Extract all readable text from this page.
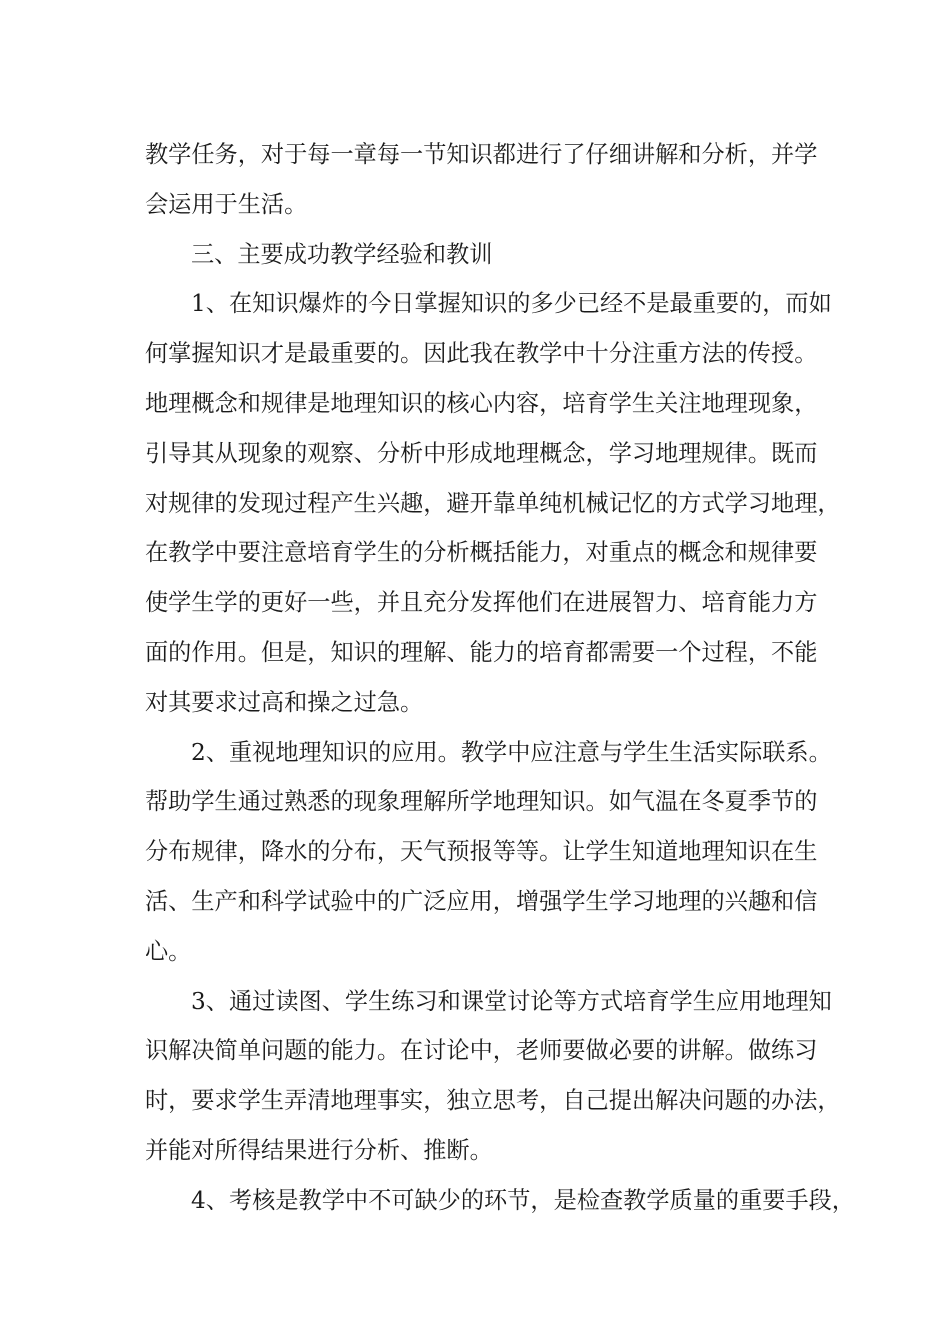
教学任务，对于每一章每一节知识都进行了仔细讲解和分析，并学
会运用于生活。
三、主要成功教学经验和教训
1、在知识爆炸的今日掌握知识的多少已经不是最重要的，而如
何掌握知识才是最重要的。因此我在教学中十分注重方法的传授。
地理概念和规律是地理知识的核心内容，培育学生关注地理现象，
引导其从现象的观察、分析中形成地理概念，学习地理规律。既而
对规律的发现过程产生兴趣，避开靠单纯机械记忆的方式学习地理，
在教学中要注意培育学生的分析概括能力，对重点的概念和规律要
使学生学的更好一些，并且充分发挥他们在进展智力、培育能力方
面的作用。但是，知识的理解、能力的培育都需要一个过程，不能
对其要求过高和操之过急。
2、重视地理知识的应用。教学中应注意与学生生活实际联系。
帮助学生通过熟悉的现象理解所学地理知识。如气温在冬夏季节的
分布规律，降水的分布，天气预报等等。让学生知道地理知识在生
活、生产和科学试验中的广泛应用，增强学生学习地理的兴趣和信
心。
3、通过读图、学生练习和课堂讨论等方式培育学生应用地理知
识解决简单问题的能力。在讨论中，老师要做必要的讲解。做练习
时，要求学生弄清地理事实，独立思考，自己提出解决问题的办法，
并能对所得结果进行分析、推断。
4、考核是教学中不可缺少的环节，是检查教学质量的重要手段，
